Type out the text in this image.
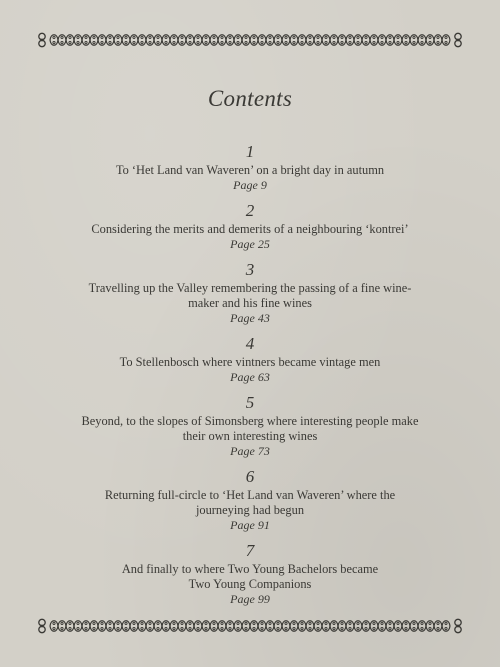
Contents
1
To ‘Het Land van Waveren’ on a bright day in autumn
Page 9
2
Considering the merits and demerits of a neighbouring ‘kontrei’
Page 25
3
Travelling up the Valley remembering the passing of a fine wine-
maker and his fine wines
Page 43
4
To Stellenbosch where vintners became vintage men
Page 63
5
Beyond, to the slopes of Simonsberg where interesting people make
their own interesting wines
Page 73
6
Returning full-circle to ‘Het Land van Waveren’ where the
journeying had begun
Page 91
7
And finally to where Two Young Bachelors became
Two Young Companions
Page 99
